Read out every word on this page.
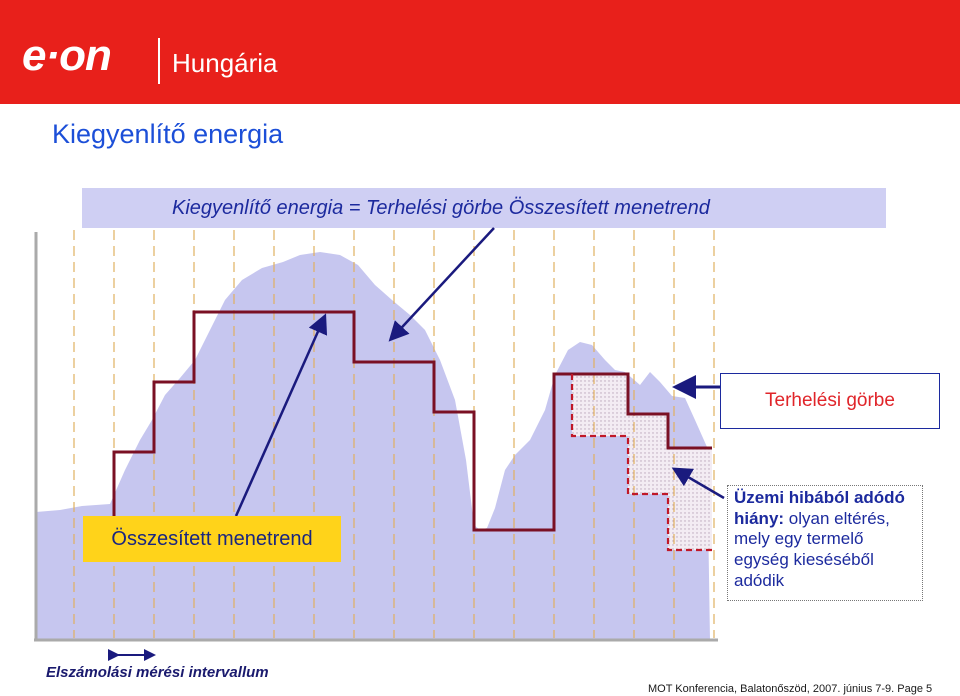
e·on Hungária
Kiegyenlítő energia
Kiegyenlítő energia = Terhelési görbe Összesített menetrend
Terhelési görbe
Összesített menetrend
Üzemi hibából adódó hiány: olyan eltérés, mely egy termelő egység kieséséből adódik
Elszámolási mérési intervallum
MOT Konferencia, Balatonőszöd, 2007. június 7-9. Page 5
